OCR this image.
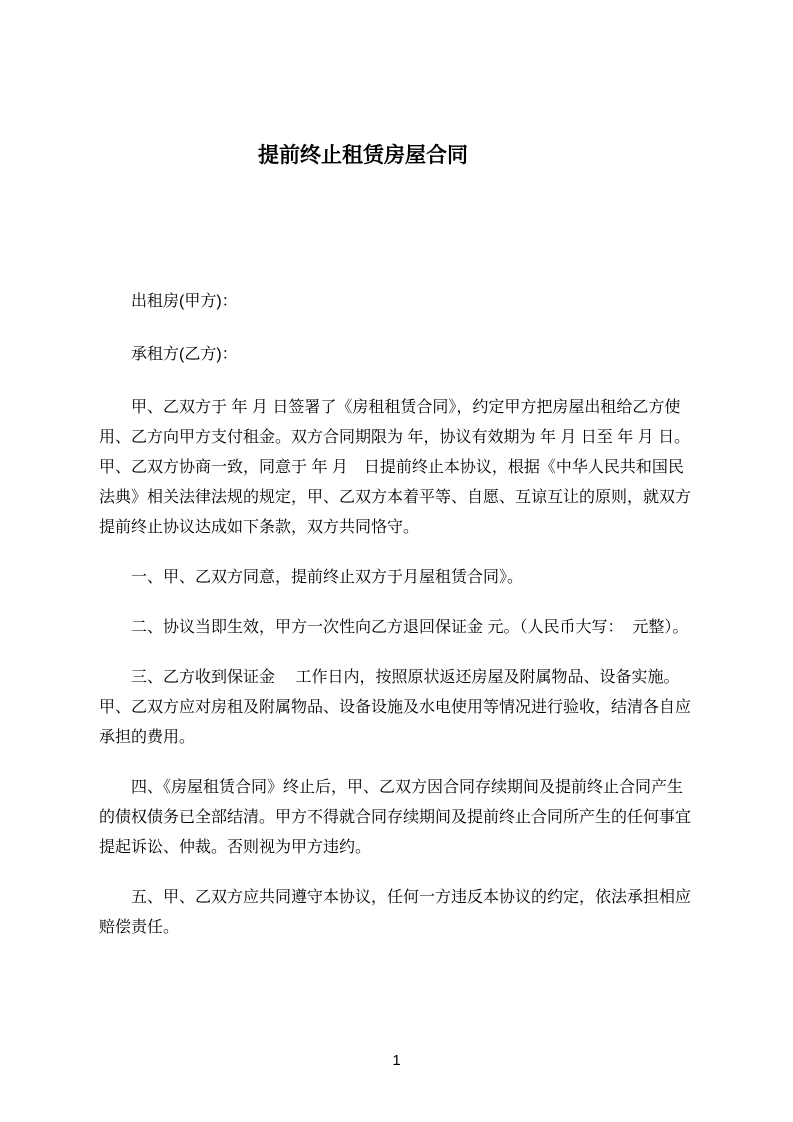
提前终止租赁房屋合同

出租房(甲方)：

承租方(乙方)：

甲、乙双方于 年 月 日签署了《房租租赁合同》，约定甲方把房屋出租给乙方使用、乙方向甲方支付租金。双方合同期限为 年，协议有效期为 年 月 日至 年 月 日。甲、乙双方协商一致，同意于 年 月　日提前终止本协议，根据《中华人民共和国民法典》相关法律法规的规定，甲、乙双方本着平等、自愿、互谅互让的原则，就双方提前终止协议达成如下条款，双方共同恪守。

一、甲、乙双方同意，提前终止双方于月屋租赁合同》。

二、协议当即生效，甲方一次性向乙方退回保证金 元。（人民币大写：  元整）。

三、乙方收到保证金　 工作日内，按照原状返还房屋及附属物品、设备实施。甲、乙双方应对房租及附属物品、设备设施及水电使用等情况进行验收，结清各自应承担的费用。

四、《房屋租赁合同》终止后，甲、乙双方因合同存续期间及提前终止合同产生的债权债务已全部结清。甲方不得就合同存续期间及提前终止合同所产生的任何事宜提起诉讼、仲裁。否则视为甲方违约。

五、甲、乙双方应共同遵守本协议，任何一方违反本协议的约定，依法承担相应赔偿责任。

1
